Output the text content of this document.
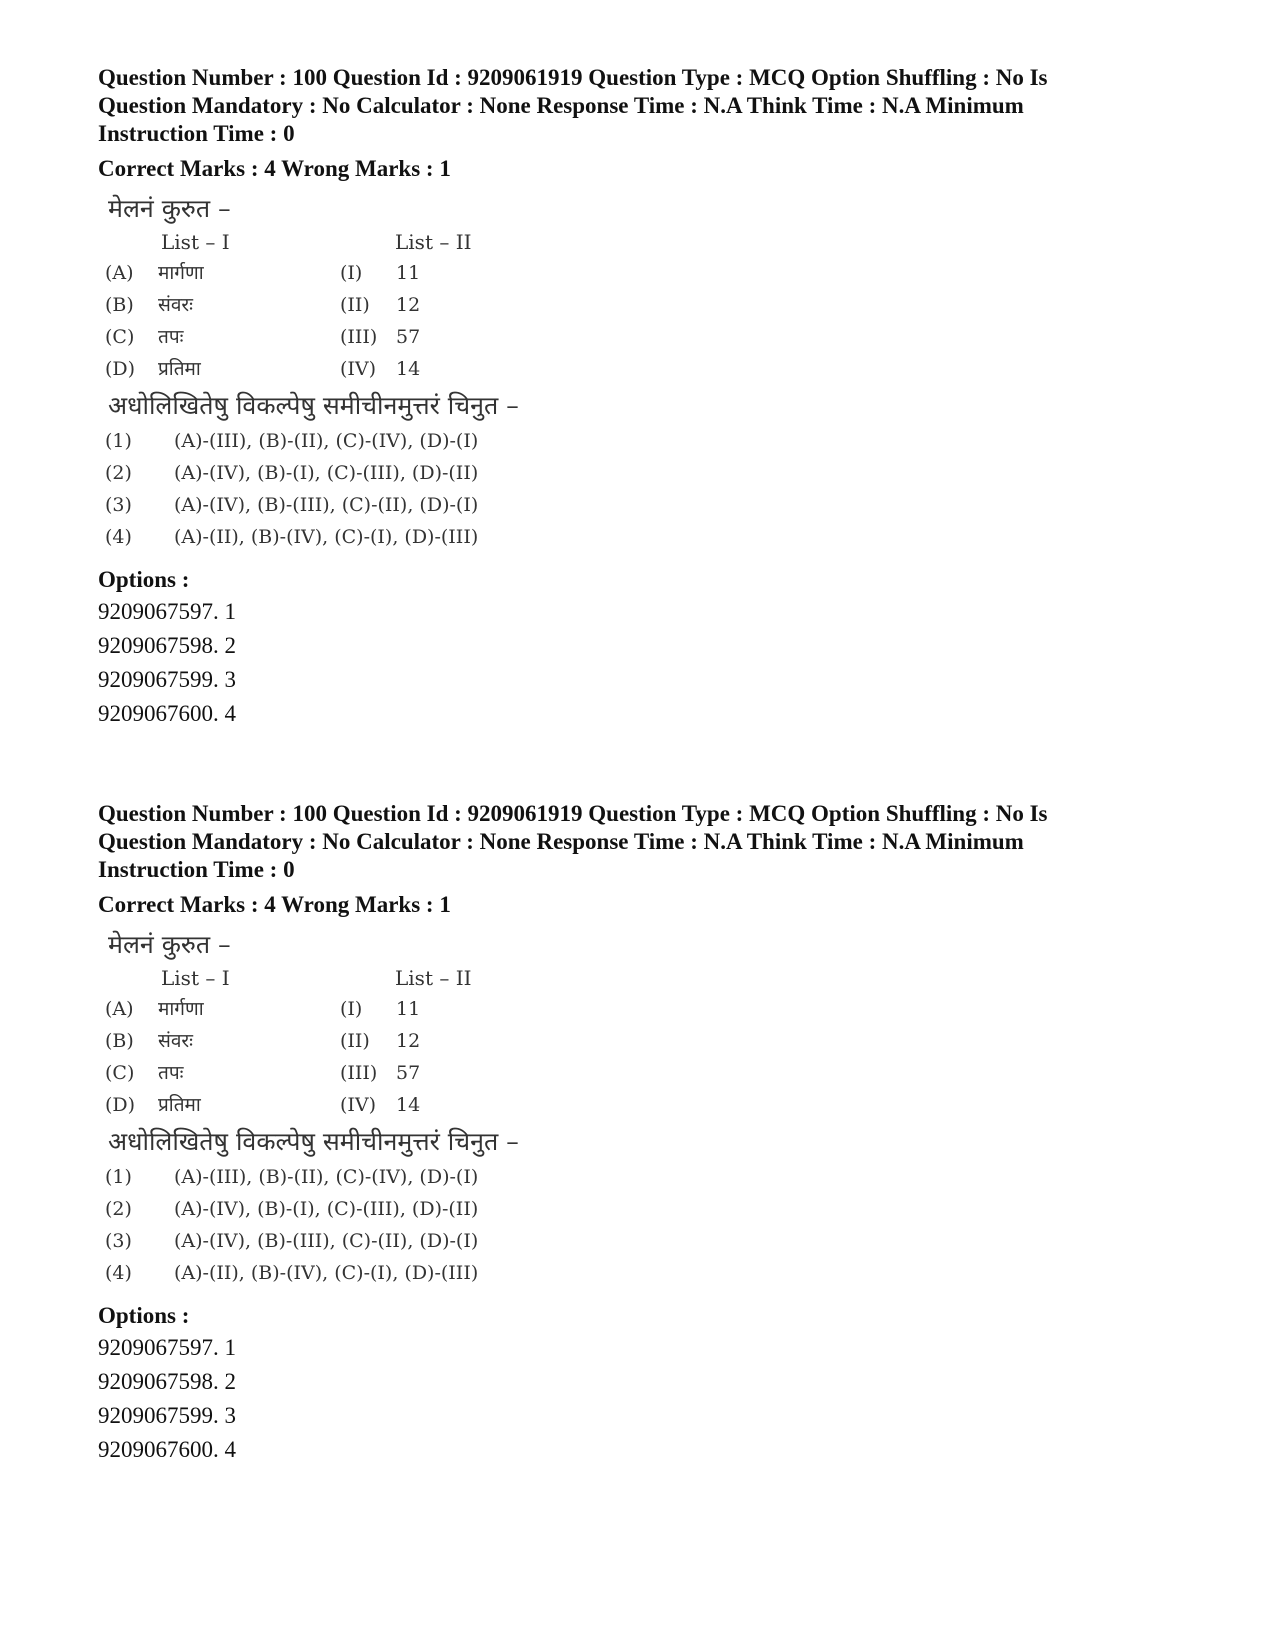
Question Number : 100 Question Id : 9209061919 Question Type : MCQ Option Shuffling : No Is

Question Mandatory : No Calculator : None Response Time : N.A Think Time : N.A Minimum

Instruction Time : 0

Correct Marks : 4 Wrong Marks : 1
मेलनं कुरुत –
List – I	List – II
(A)	मार्गणा	(I)	11
(B)	संवरः	(II)	12
(C)	तपः	(III) 57
(D)	प्रतिमा	(IV)	14
अधोलिखितेषु विकल्पेषु समीचीनमुत्तरं चिनुत –
(1)	(A)-(III), (B)-(II), (C)-(IV), (D)-(I)
(2)	(A)-(IV), (B)-(I), (C)-(III), (D)-(II)
(3)	(A)-(IV), (B)-(III), (C)-(II), (D)-(I)
(4)	(A)-(II), (B)-(IV), (C)-(I), (D)-(III)
Options :
9209067597. 1
9209067598. 2
9209067599. 3
9209067600. 4

Question Number : 100 Question Id : 9209061919 Question Type : MCQ Option Shuffling : No Is

Question Mandatory : No Calculator : None Response Time : N.A Think Time : N.A Minimum

Instruction Time : 0

Correct Marks : 4 Wrong Marks : 1
मेलनं कुरुत –
List – I	List – II
(A)	मार्गणा	(I)	11
(B)	संवरः	(II)	12
(C)	तपः	(III) 57
(D)	प्रतिमा	(IV)	14
अधोलिखितेषु विकल्पेषु समीचीनमुत्तरं चिनुत –
(1)	(A)-(III), (B)-(II), (C)-(IV), (D)-(I)
(2)	(A)-(IV), (B)-(I), (C)-(III), (D)-(II)
(3)	(A)-(IV), (B)-(III), (C)-(II), (D)-(I)
(4)	(A)-(II), (B)-(IV), (C)-(I), (D)-(III)
Options :
9209067597. 1
9209067598. 2
9209067599. 3
9209067600. 4
